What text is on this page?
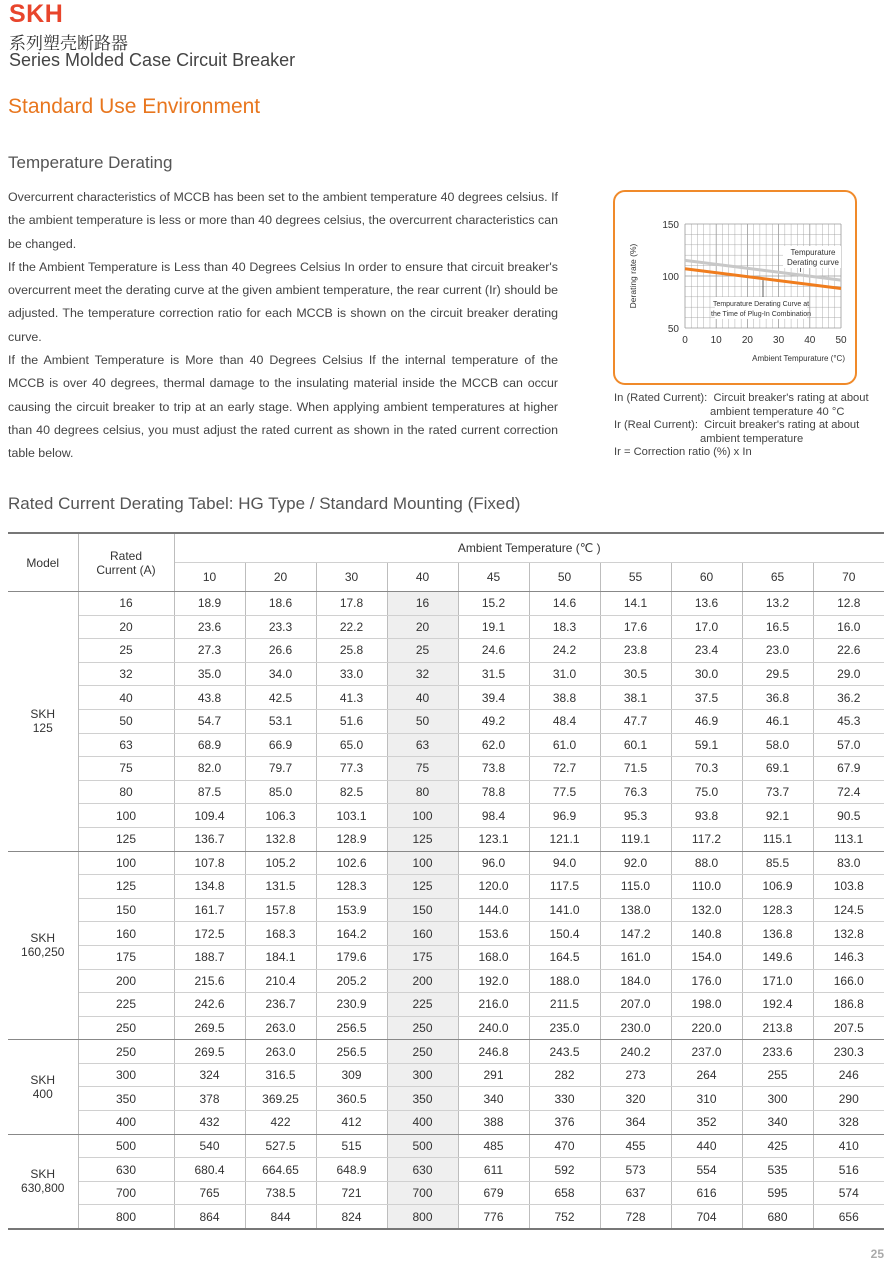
SKH
系列塑壳断路器
Series Molded Case Circuit Breaker
Standard Use Environment
Temperature Derating

Overcurrent characteristics of MCCB has been set to the ambient temperature 40 degrees celsius. If the ambient temperature is less or more than 40 degrees celsius, the overcurrent characteristics can be changed.

If the Ambient Temperature is Less than 40 Degrees Celsius In order to ensure that circuit breaker's overcurrent meet the derating curve at the given ambient temperature, the rear current (Ir) should be adjusted. The temperature correction ratio for each MCCB is shown on the circuit breaker derating curve.

If the Ambient Temperature is More than 40 Degrees Celsius If the internal temperature of the MCCB is over 40 degrees, thermal damage to the insulating material inside the MCCB can occur causing the circuit breaker to trip at an early stage. When applying ambient temperatures at higher than 40 degrees celsius, you must adjust the rated current as shown in the rated current correction table below.

0 10 20 30 40 50
150
100
50
Derating rate (%)
Ambient Tempurature (°C)
Tempurature
Derating curve
Tempurature Derating Curve at
the Time of Plug-In Combination
In (Rated Current): Circuit breaker's rating at about
ambient temperature 40 °C
Ir (Real Current): Circuit breaker's rating at about
ambient temperature
Ir = Correction ratio (%) x In
Rated Current Derating Tabel: HG Type / Standard Mounting (Fixed)
Model	Rated
Current (A)	Ambient Temperature (℃ )									
		10	20	30	40	45	50	55	60	65	70
SKH
125	16	18.9	18.6	17.8	16	15.2	14.6	14.1	13.6	13.2	12.8
	20	23.6	23.3	22.2	20	19.1	18.3	17.6	17.0	16.5	16.0
	25	27.3	26.6	25.8	25	24.6	24.2	23.8	23.4	23.0	22.6
	32	35.0	34.0	33.0	32	31.5	31.0	30.5	30.0	29.5	29.0
	40	43.8	42.5	41.3	40	39.4	38.8	38.1	37.5	36.8	36.2
	50	54.7	53.1	51.6	50	49.2	48.4	47.7	46.9	46.1	45.3
	63	68.9	66.9	65.0	63	62.0	61.0	60.1	59.1	58.0	57.0
	75	82.0	79.7	77.3	75	73.8	72.7	71.5	70.3	69.1	67.9
	80	87.5	85.0	82.5	80	78.8	77.5	76.3	75.0	73.7	72.4
	100	109.4	106.3	103.1	100	98.4	96.9	95.3	93.8	92.1	90.5
	125	136.7	132.8	128.9	125	123.1	121.1	119.1	117.2	115.1	113.1
SKH
160,250	100	107.8	105.2	102.6	100	96.0	94.0	92.0	88.0	85.5	83.0
	125	134.8	131.5	128.3	125	120.0	117.5	115.0	110.0	106.9	103.8
	150	161.7	157.8	153.9	150	144.0	141.0	138.0	132.0	128.3	124.5
	160	172.5	168.3	164.2	160	153.6	150.4	147.2	140.8	136.8	132.8
	175	188.7	184.1	179.6	175	168.0	164.5	161.0	154.0	149.6	146.3
	200	215.6	210.4	205.2	200	192.0	188.0	184.0	176.0	171.0	166.0
	225	242.6	236.7	230.9	225	216.0	211.5	207.0	198.0	192.4	186.8
	250	269.5	263.0	256.5	250	240.0	235.0	230.0	220.0	213.8	207.5
SKH
400	250	269.5	263.0	256.5	250	246.8	243.5	240.2	237.0	233.6	230.3
	300	324	316.5	309	300	291	282	273	264	255	246
	350	378	369.25	360.5	350	340	330	320	310	300	290
	400	432	422	412	400	388	376	364	352	340	328
SKH
630,800	500	540	527.5	515	500	485	470	455	440	425	410
	630	680.4	664.65	648.9	630	611	592	573	554	535	516
	700	765	738.5	721	700	679	658	637	616	595	574
	800	864	844	824	800	776	752	728	704	680	656
25
